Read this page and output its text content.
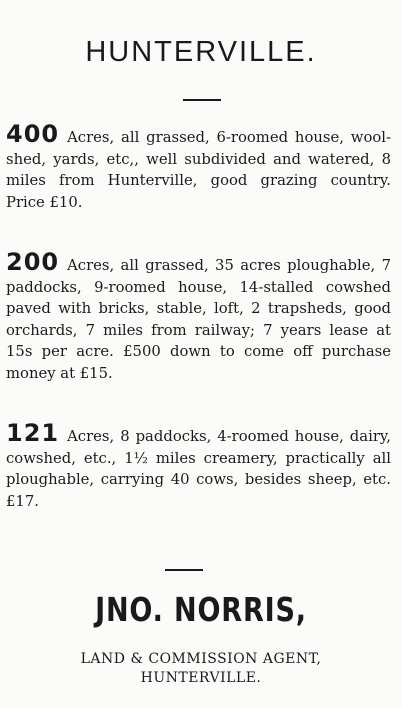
HUNTERVILLE.

400 Acres, all grassed, 6-roomed house, wool-shed, yards, etc,, well subdivided and watered, 8 miles from Hunterville, good grazing country. Price £10.

200 Acres, all grassed, 35 acres ploughable, 7 paddocks, 9-roomed house, 14-stalled cowshed paved with bricks, stable, loft, 2 trapsheds, good orchards, 7 miles from railway; 7 years lease at 15s per acre. £500 down to come off purchase money at £15.

121 Acres, 8 paddocks, 4-roomed house, dairy, cowshed, etc., 1½ miles creamery, practically all ploughable, carrying 40 cows, besides sheep, etc. £17.

JNO. NORRIS,
LAND & COMMISSION AGENT,
HUNTERVILLE.
